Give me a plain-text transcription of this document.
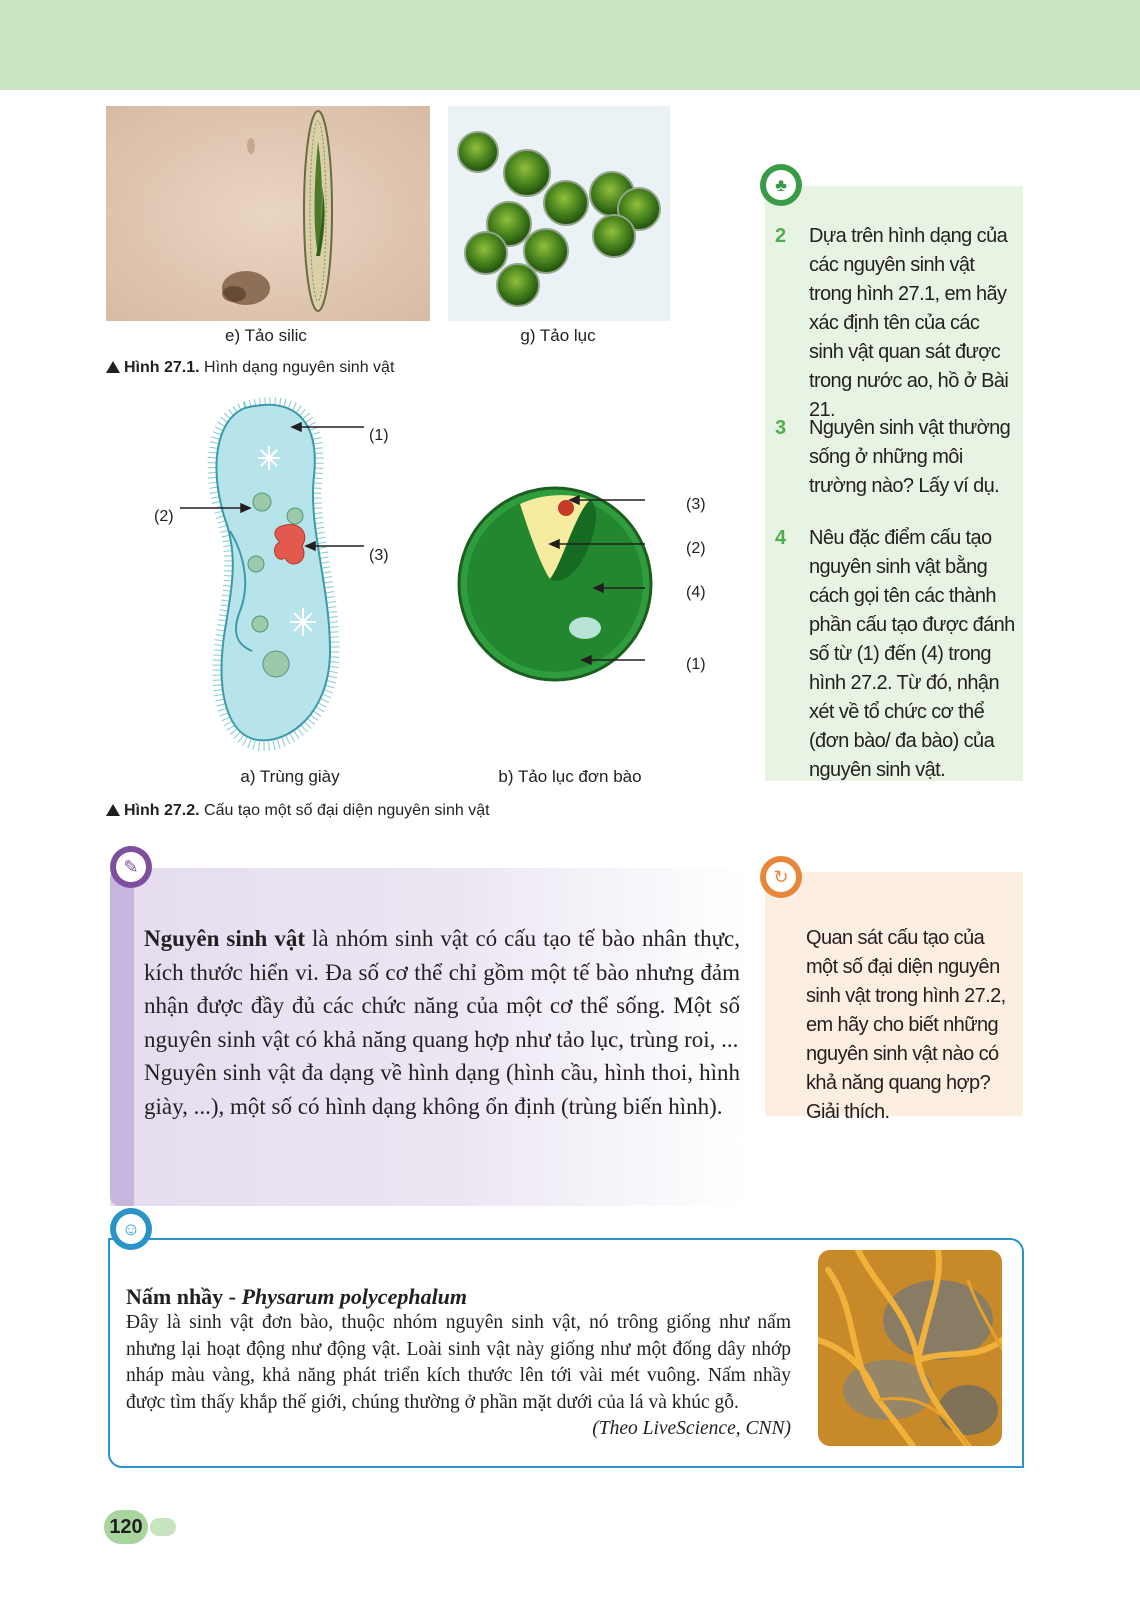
e) Tảo silic	g) Tảo lục
Hình 27.1. Hình dạng nguyên sinh vật
(1)
(2)
(3)
(3)
(2)
(4)
(1)
a) Trùng giày	b) Tảo lục đơn bào
Hình 27.2. Cấu tạo một số đại diện nguyên sinh vật
2 Dựa trên hình dạng của các nguyên sinh vật trong hình 27.1, em hãy xác định tên của các sinh vật quan sát được trong nước ao, hồ ở Bài 21.
3 Nguyên sinh vật thường sống ở những môi trường nào? Lấy ví dụ.
4 Nêu đặc điểm cấu tạo nguyên sinh vật bằng cách gọi tên các thành phần cấu tạo được đánh số từ (1) đến (4) trong hình 27.2. Từ đó, nhận xét về tổ chức cơ thể (đơn bào/ đa bào) của nguyên sinh vật.
♣
✎
Nguyên sinh vật là nhóm sinh vật có cấu tạo tế bào nhân thực, kích thước hiển vi. Đa số cơ thể chỉ gồm một tế bào nhưng đảm nhận được đầy đủ các chức năng của một cơ thể sống. Một số nguyên sinh vật có khả năng quang hợp như tảo lục, trùng roi, ...
Nguyên sinh vật đa dạng về hình dạng (hình cầu, hình thoi, hình giày, ...), một số có hình dạng không ổn định (trùng biến hình).
↻
Quan sát cấu tạo của một số đại diện nguyên sinh vật trong hình 27.2, em hãy cho biết những nguyên sinh vật nào có khả năng quang hợp? Giải thích.
☺
Nấm nhầy - Physarum polycephalum
Đây là sinh vật đơn bào, thuộc nhóm nguyên sinh vật, nó trông giống như nấm nhưng lại hoạt động như động vật. Loài sinh vật này giống như một đống dây nhớp nháp màu vàng, khả năng phát triển kích thước lên tới vài mét vuông. Nấm nhầy được tìm thấy khắp thế giới, chúng thường ở phần mặt dưới của lá và khúc gỗ.
(Theo LiveScience, CNN)
120
